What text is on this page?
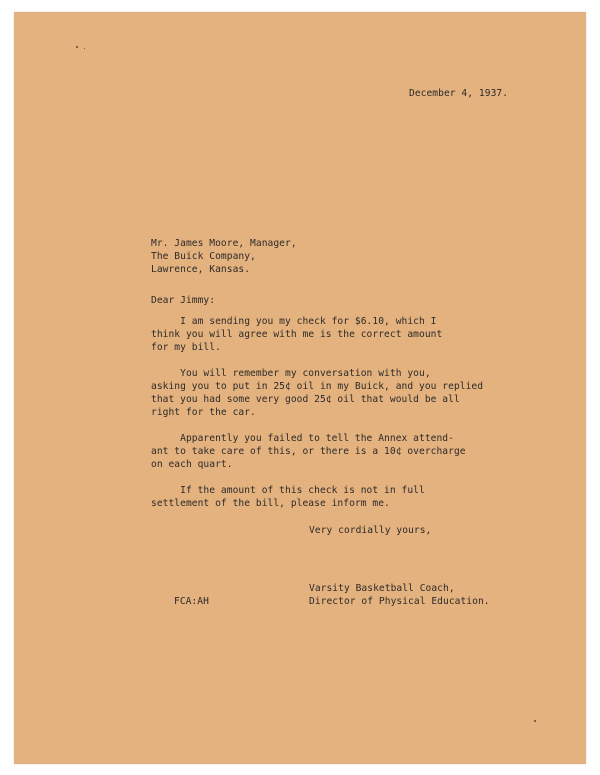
December 4, 1937.
Mr. James Moore, Manager,
The Buick Company,
Lawrence, Kansas.
Dear Jimmy:

I am sending you my check for $6.10, which I
think you will agree with me is the correct amount
for my bill.

You will remember my conversation with you,
asking you to put in 25¢ oil in my Buick, and you replied
that you had some very good 25¢ oil that would be all
right for the car.

Apparently you failed to tell the Annex attend-
ant to take care of this, or there is a 10¢ overcharge
on each quart.

If the amount of this check is not in full
settlement of the bill, please inform me.

Very cordially yours,
FCA:AH
Varsity Basketball Coach,
Director of Physical Education.
